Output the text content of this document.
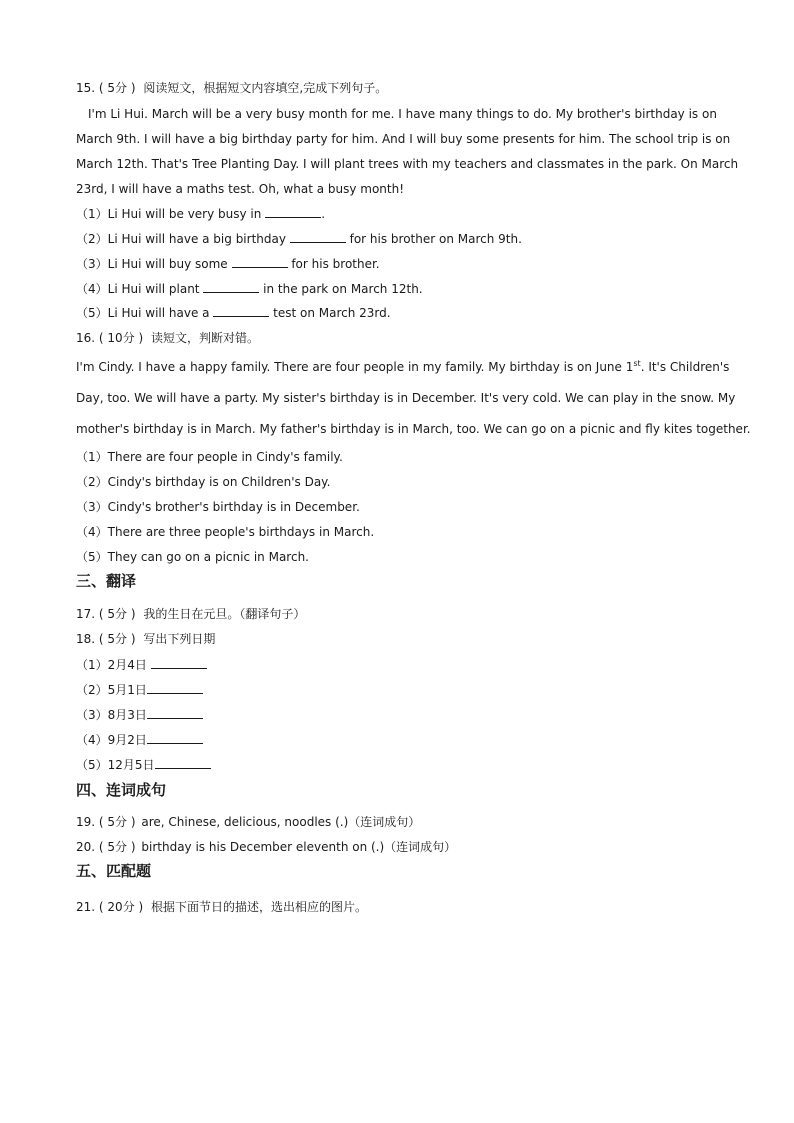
15. ( 5分 ) 阅读短文，根据短文内容填空,完成下列句子。
I'm Li Hui. March will be a very busy month for me. I have many things to do. My brother's birthday is on
March 9th. I will have a big birthday party for him. And I will buy some presents for him. The school trip is on
March 12th. That's Tree Planting Day. I will plant trees with my teachers and classmates in the park. On March
23rd, I will have a maths test. Oh, what a busy month!
（1）Li Hui will be very busy in	.
（2）Li Hui will have a big birthday	for his brother on March 9th.
（3）Li Hui will buy some	for his brother.
（4）Li Hui will plant	in the park on March 12th.
（5）Li Hui will have a	test on March 23rd.
16. ( 10分 ) 读短文，判断对错。
I'm Cindy. I have a happy family. There are four people in my family. My birthday is on June 1st. It's Children's
Day, too. We will have a party. My sister's birthday is in December. It's very cold. We can play in the snow. My
mother's birthday is in March. My father's birthday is in March, too. We can go on a picnic and fly kites together.
（1）There are four people in Cindy's family.
（2）Cindy's birthday is on Children's Day.
（3）Cindy's brother's birthday is in December.
（4）There are three people's birthdays in March.
（5）They can go on a picnic in March.
三、翻译
17. ( 5分 ) 我的生日在元旦。（翻译句子）
18. ( 5分 ) 写出下列日期
（1）2月4日
（2）5月1日
（3）8月3日
（4）9月2日
（5）12月5日
四、连词成句
19. ( 5分 ) are, Chinese, delicious, noodles (.)（连词成句）
20. ( 5分 ) birthday is his December eleventh on (.)（连词成句）
五、匹配题
21. ( 20分 ) 根据下面节日的描述，选出相应的图片。
